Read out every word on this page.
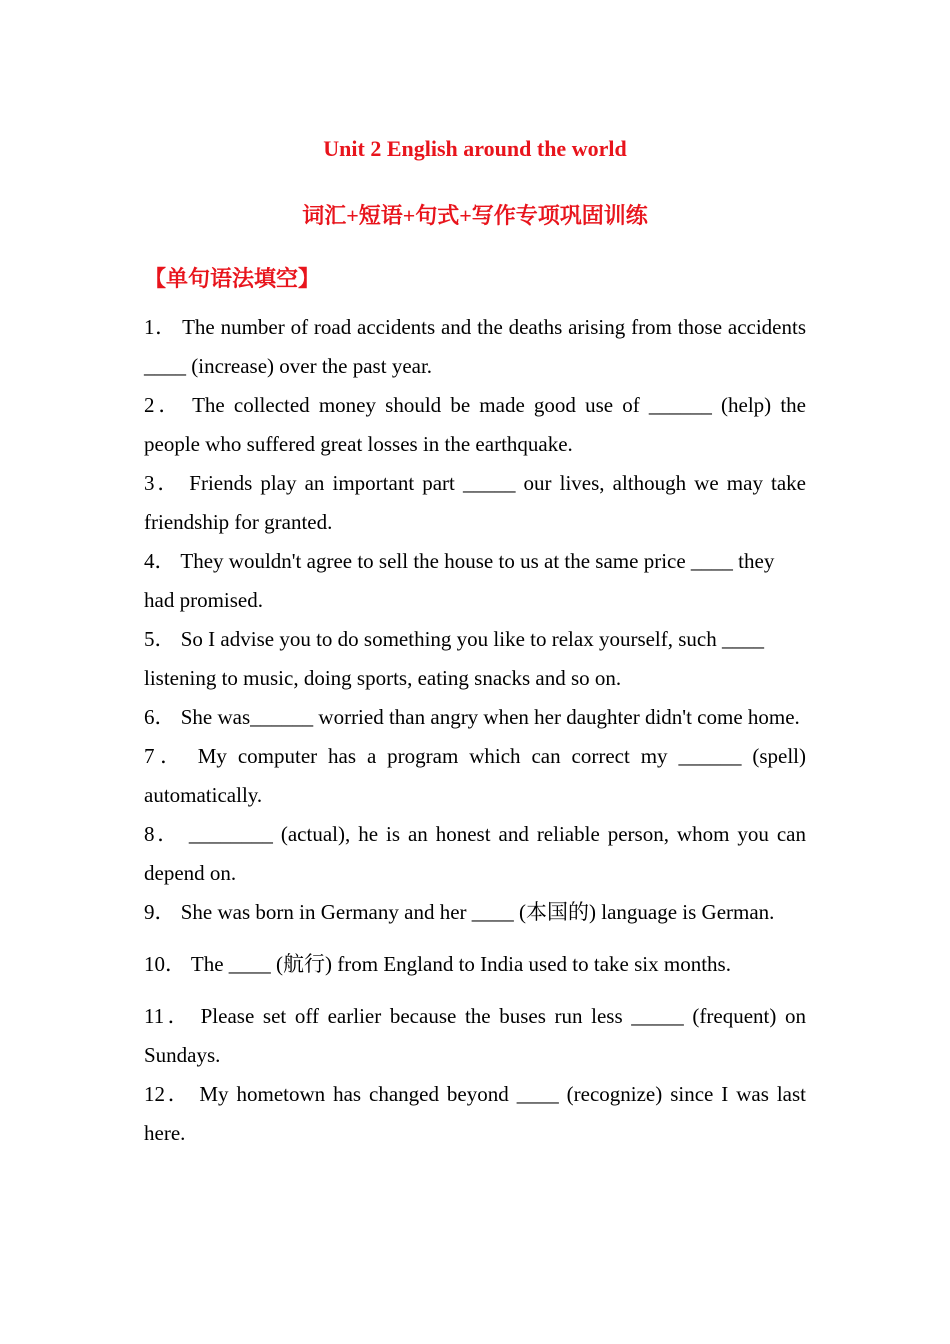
Unit 2 English around the world
词汇+短语+句式+写作专项巩固训练
【单句语法填空】

1． The number of road accidents and the deaths arising from those accidents ____ (increase) over the past year.

2． The collected money should be made good use of ______ (help) the people who suffered great losses in the earthquake.

3． Friends play an important part _____ our lives, although we may take friendship for granted.

4． They wouldn't agree to sell the house to us at the same price ____ they had promised.

5． So I advise you to do something you like to relax yourself, such ____ listening to music, doing sports, eating snacks and so on.

6． She was______ worried than angry when her daughter didn't come home.

7． My computer has a program which can correct my ______ (spell) automatically.

8． ________ (actual), he is an honest and reliable person, whom you can depend on.

9． She was born in Germany and her ____ (本国的) language is German.

10． The ____ (航行) from England to India used to take six months.

11． Please set off earlier because the buses run less _____ (frequent) on Sundays.

12． My hometown has changed beyond ____ (recognize) since I was last here.
